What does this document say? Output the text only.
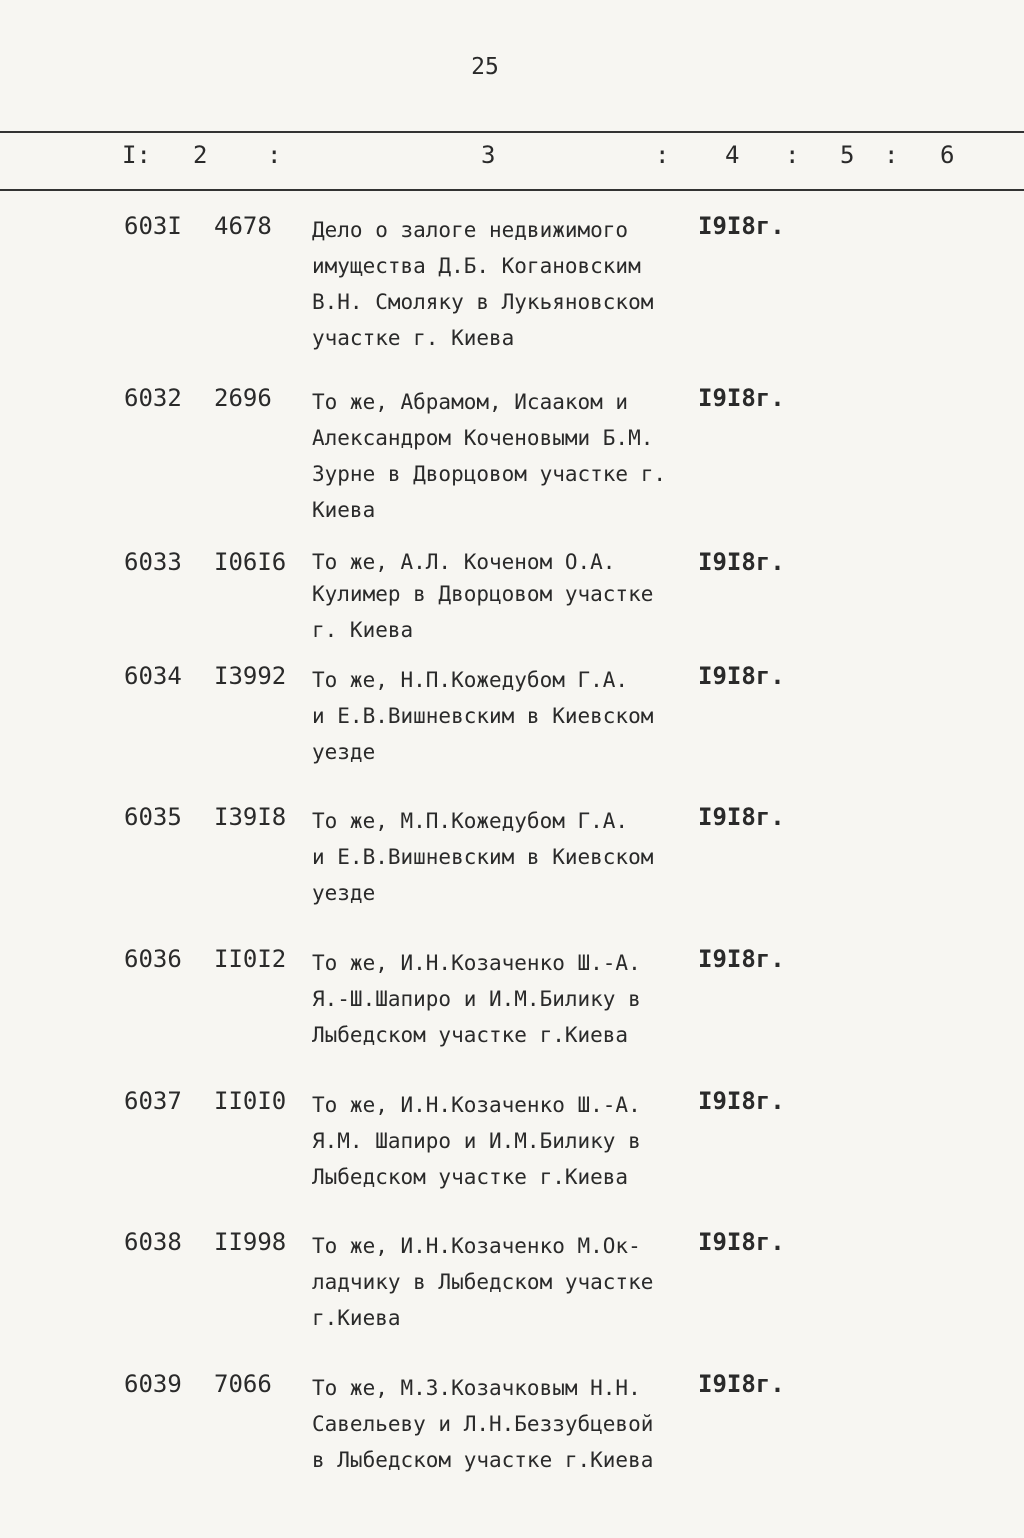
25
I: 2 :	3	: 4 : 5 : 6
603I 4678 Дело о залоге недвижимого
имущества Д.Б. Когановским
В.Н. Смоляку в Лукьяновском
участке г. Киева
I9I8г.
6032 2696 То же, Абрамом, Исааком и
Александром Коченовыми Б.М.
Зурне в Дворцовом участке г.
Киева
I9I8г.
6033 I06I6 То же, А.Л. Коченом О.А.
Кулимер в Дворцовом участке
г. Киева
I9I8г.
6034 I3992 То же, Н.П.Кожедубом Г.А.
и Е.В.Вишневским в Киевском
уезде
I9I8г.
6035 I39I8 То же, М.П.Кожедубом Г.А.
и Е.В.Вишневским в Киевском
уезде
I9I8г.
6036 II0I2 То же, И.Н.Козаченко Ш.-А.
Я.-Ш.Шапиро и И.М.Билику в
Лыбедском участке г.Киева
I9I8г.
6037 II0I0 То же, И.Н.Козаченко Ш.-А.
Я.М. Шапиро и И.М.Билику в
Лыбедском участке г.Киева
I9I8г.
6038 II998 То же, И.Н.Козаченко М.Ок-
ладчику в Лыбедском участке
г.Киева
I9I8г.
6039 7066 То же, М.З.Козачковым Н.Н.
Савельеву и Л.Н.Беззубцевой
в Лыбедском участке г.Киева
I9I8г.
